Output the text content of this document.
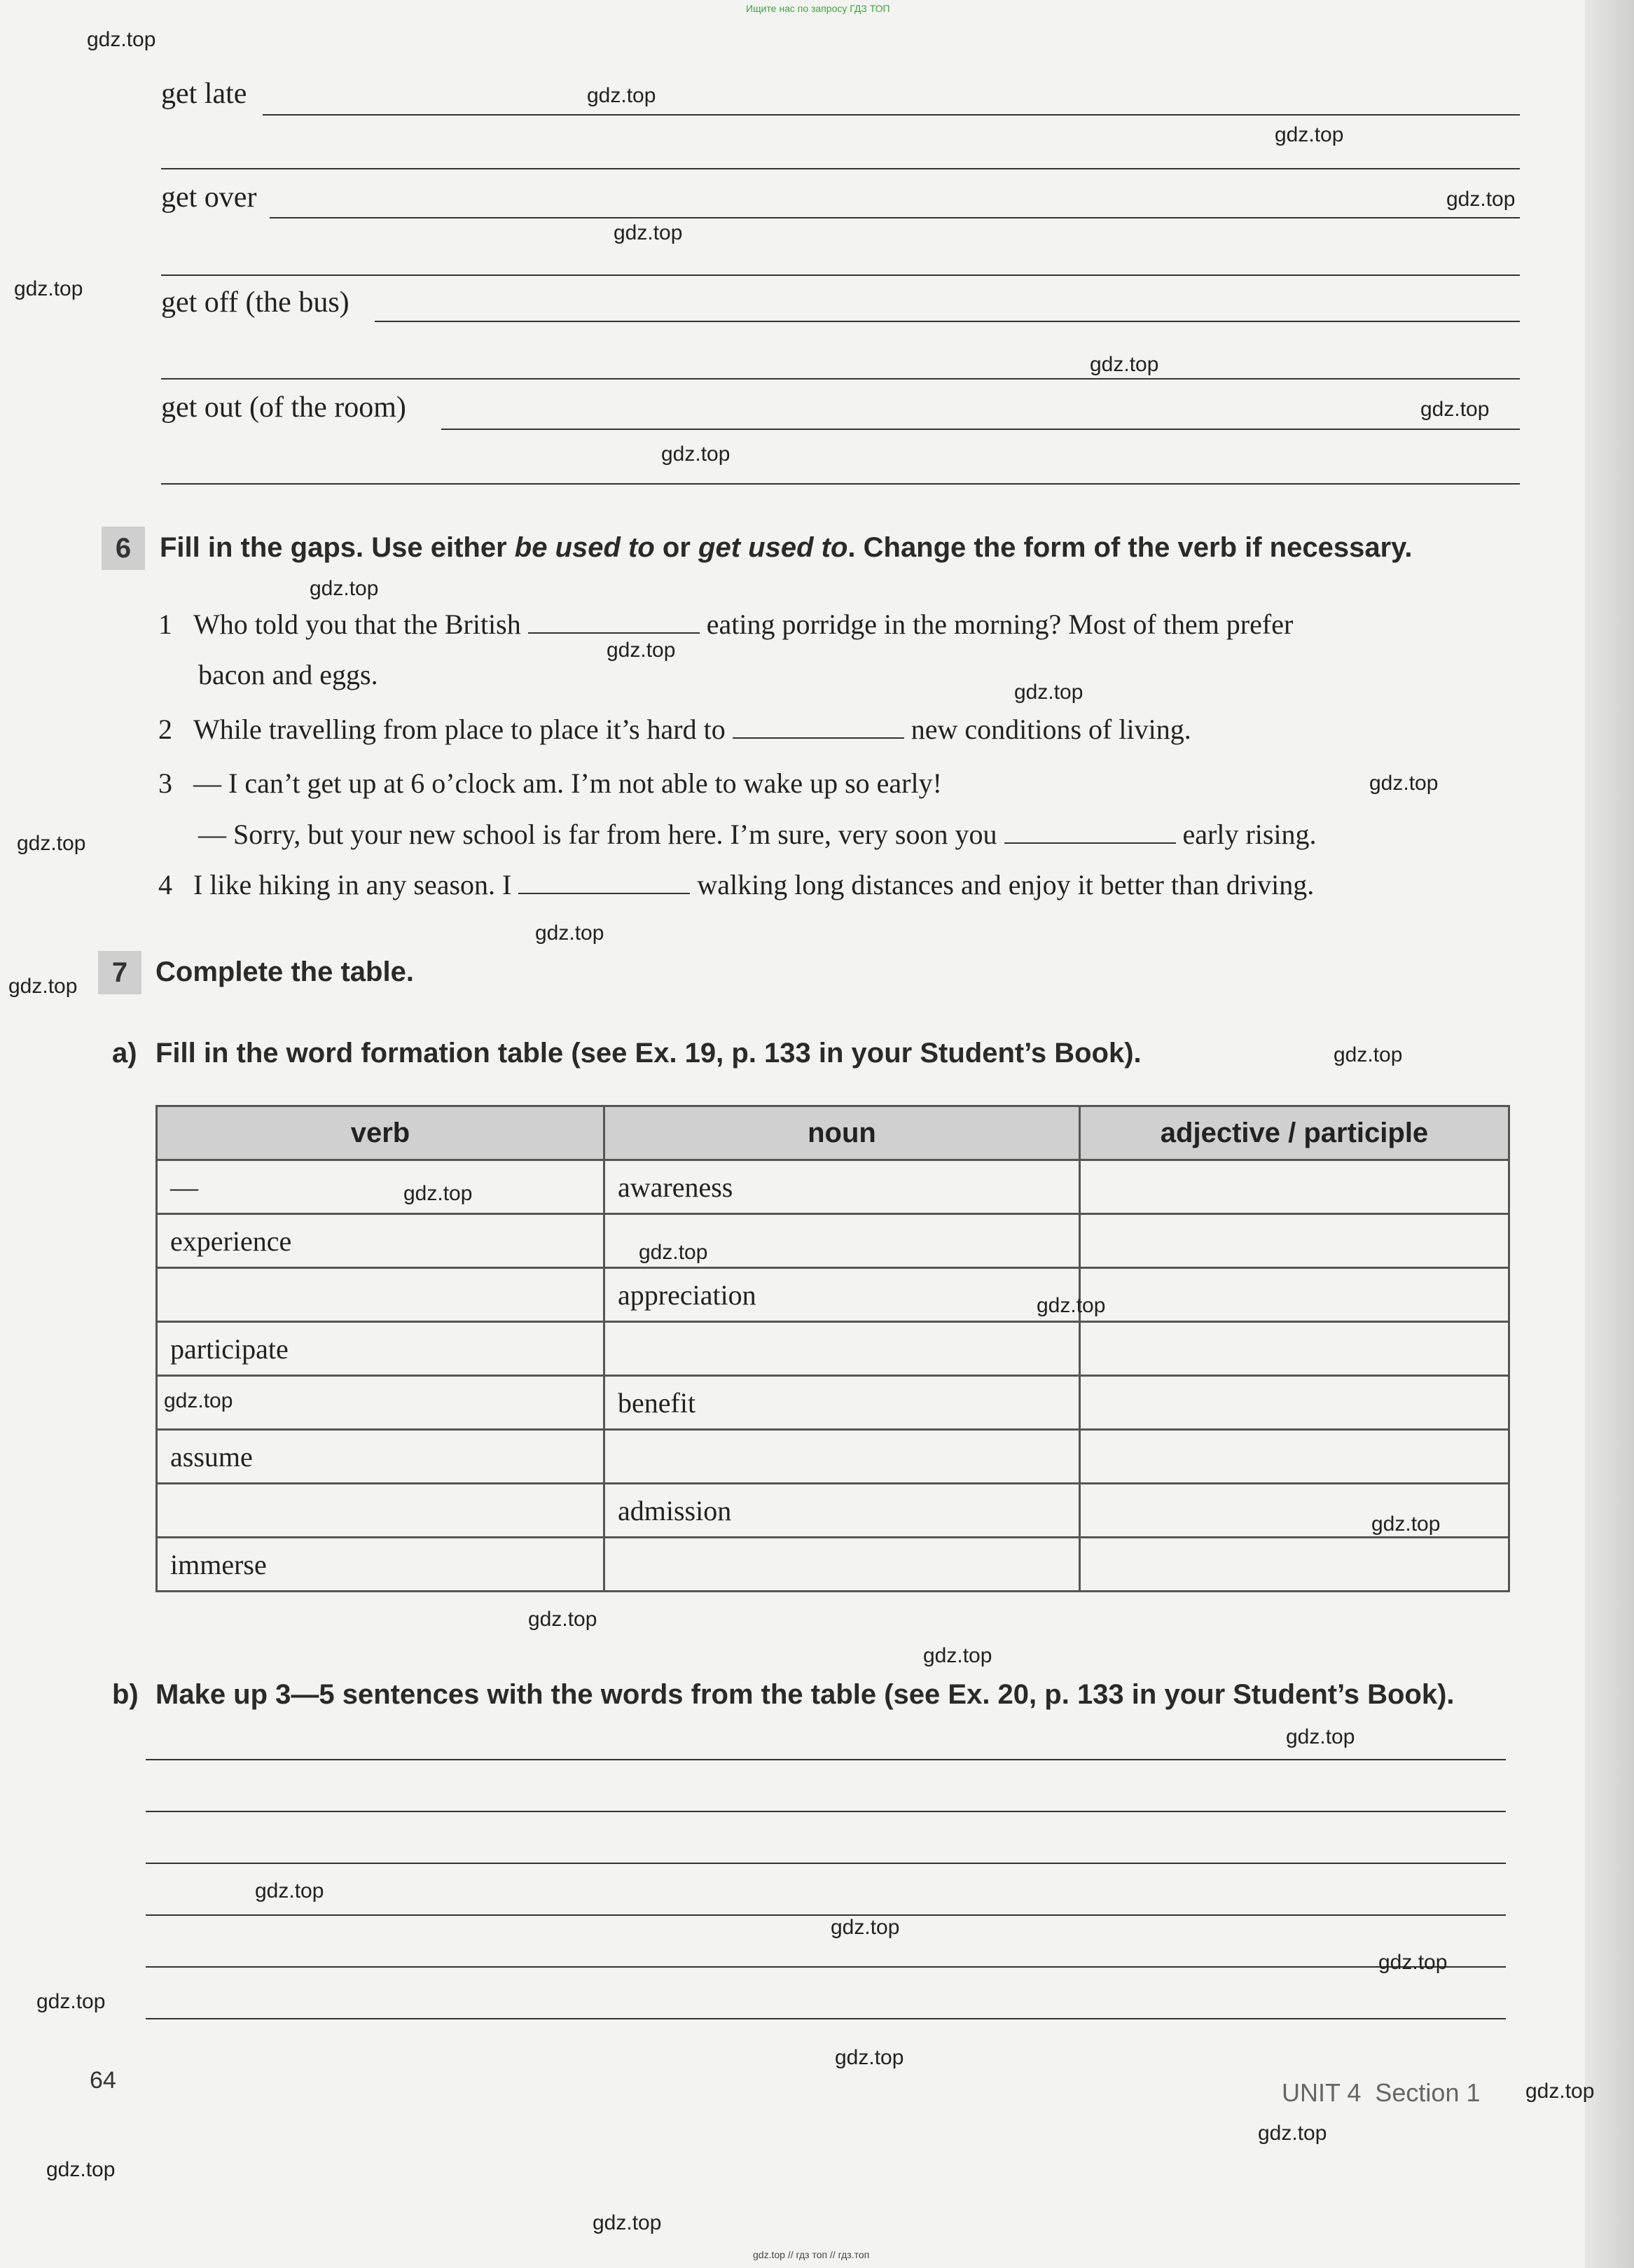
Ищите нас по запросу ГДЗ ТОП
get late
get over
get off (the bus)
get out (of the room)
6	Fill in the gaps. Use either be used to or get used to. Change the form of the verb if necessary.
1 Who told you that the British	eating porridge in the morning? Most of them prefer
bacon and eggs.
2 While travelling from place to place it’s hard to	new conditions of living.
3 — I can’t get up at 6 o’clock am. I’m not able to wake up so early!
— Sorry, but your new school is far from here. I’m sure, very soon you	early rising.
4 I like hiking in any season. I	walking long distances and enjoy it better than driving.
7 Complete the table.
a) Fill in the word formation table (see Ex. 19, p. 133 in your Student’s Book).
verb	noun	adjective / participle
—	awareness	
experience		
	appreciation	
participate		
	benefit	
assume		
	admission	
immerse		
b) Make up 3—5 sentences with the words from the table (see Ex. 20, p. 133 in your Student’s Book).
64	UNIT 4 Section 1
gdz.top
gdz.top
gdz.top
gdz.top
gdz.top
gdz.top
gdz.top
gdz.top
gdz.top
gdz.top
gdz.top
gdz.top
gdz.top
gdz.top
gdz.top
gdz.top
gdz.top
gdz.top
gdz.top
gdz.top
gdz.top
gdz.top
gdz.top
gdz.top
gdz.top
gdz.top
gdz.top
gdz.top
gdz.top
gdz.top
gdz.top
gdz.top
gdz.top
gdz.top
gdz.top // гдз топ // гдз.топ
